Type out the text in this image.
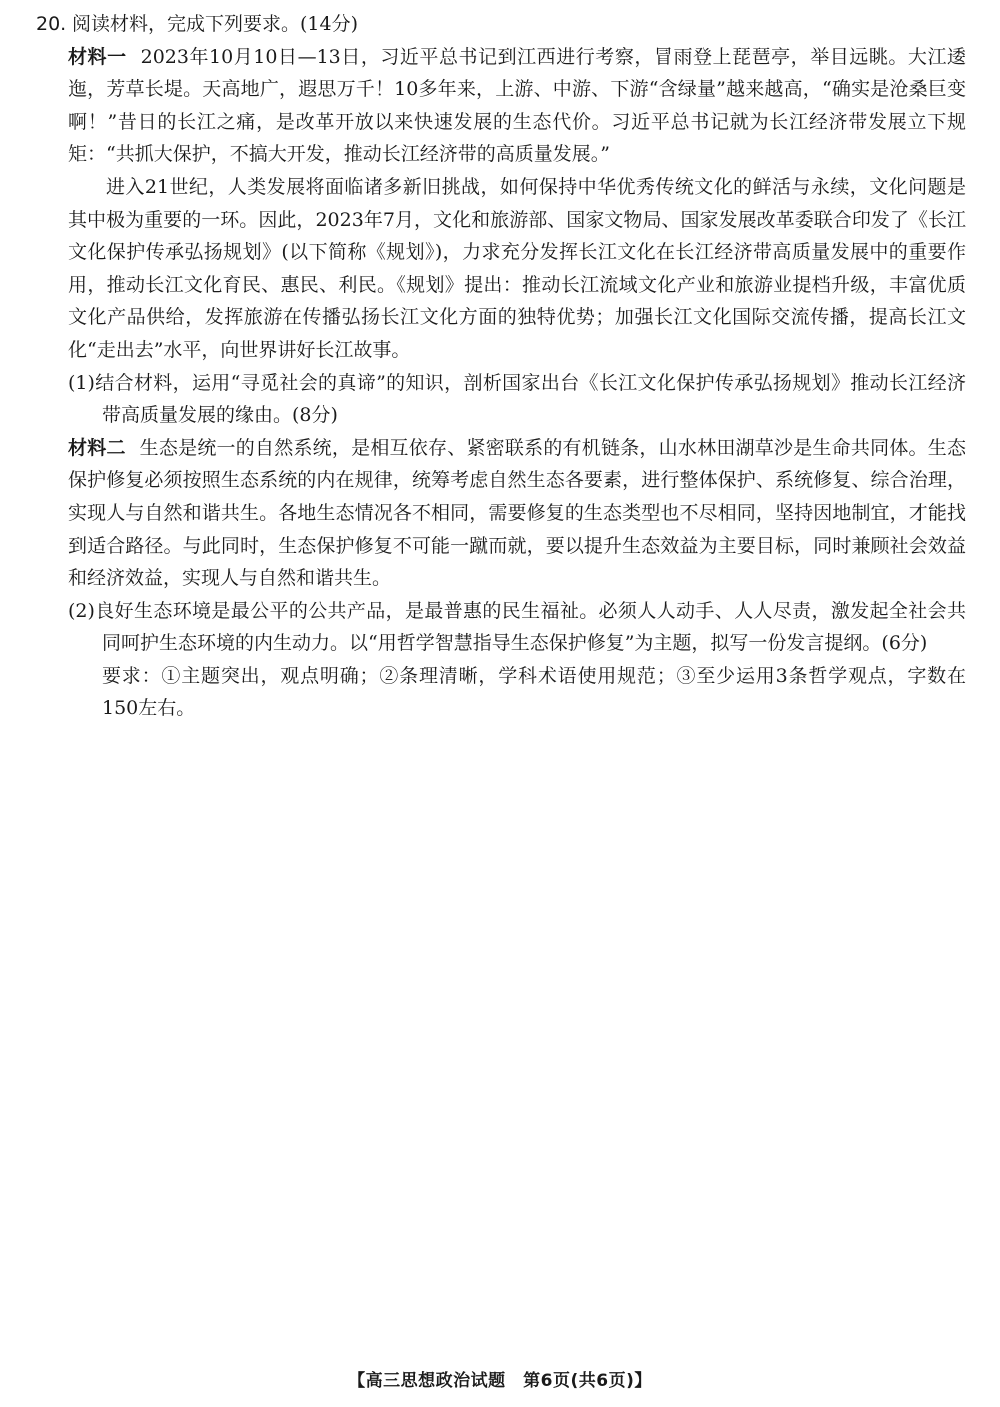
20. 阅读材料，完成下列要求。(14分)

材料一 2023年10月10日—13日，习近平总书记到江西进行考察，冒雨登上琵琶亭，举目远眺。大江逶迤，芳草长堤。天高地广，遐思万千！10多年来，上游、中游、下游“含绿量”越来越高，“确实是沧桑巨变啊！”昔日的长江之痛，是改革开放以来快速发展的生态代价。习近平总书记就为长江经济带发展立下规矩：“共抓大保护，不搞大开发，推动长江经济带的高质量发展。”

进入21世纪，人类发展将面临诸多新旧挑战，如何保持中华优秀传统文化的鲜活与永续，文化问题是其中极为重要的一环。因此，2023年7月，文化和旅游部、国家文物局、国家发展改革委联合印发了《长江文化保护传承弘扬规划》(以下简称《规划》)，力求充分发挥长江文化在长江经济带高质量发展中的重要作用，推动长江文化育民、惠民、利民。《规划》提出：推动长江流域文化产业和旅游业提档升级，丰富优质文化产品供给，发挥旅游在传播弘扬长江文化方面的独特优势；加强长江文化国际交流传播，提高长江文化“走出去”水平，向世界讲好长江故事。

(1)结合材料，运用“寻觅社会的真谛”的知识，剖析国家出台《长江文化保护传承弘扬规划》推动长江经济带高质量发展的缘由。(8分)

材料二 生态是统一的自然系统，是相互依存、紧密联系的有机链条，山水林田湖草沙是生命共同体。生态保护修复必须按照生态系统的内在规律，统筹考虑自然生态各要素，进行整体保护、系统修复、综合治理，实现人与自然和谐共生。各地生态情况各不相同，需要修复的生态类型也不尽相同，坚持因地制宜，才能找到适合路径。与此同时，生态保护修复不可能一蹴而就，要以提升生态效益为主要目标，同时兼顾社会效益和经济效益，实现人与自然和谐共生。

(2)良好生态环境是最公平的公共产品，是最普惠的民生福祉。必须人人动手、人人尽责，激发起全社会共同呵护生态环境的内生动力。以“用哲学智慧指导生态保护修复”为主题，拟写一份发言提纲。(6分)

要求：①主题突出，观点明确；②条理清晰，学科术语使用规范；③至少运用3条哲学观点，字数在150左右。

【高三思想政治试题　第6页(共6页)】
